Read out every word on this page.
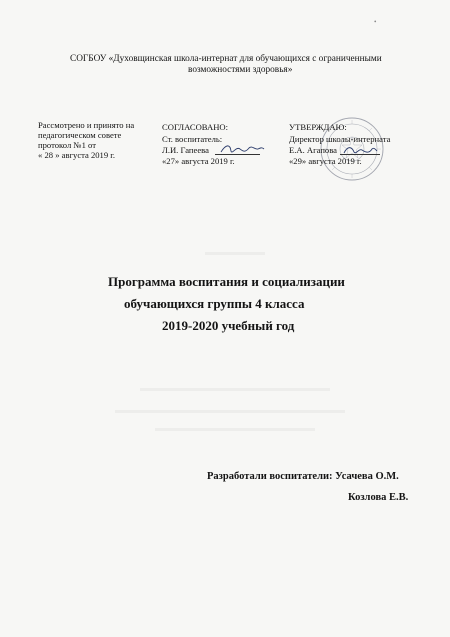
•
СОГБОУ «Духовщинская школа-интернат для обучающихся с ограниченными
возможностями здоровья»
Рассмотрено и принято на
педагогическом совете
протокол №1 от
« 28 » августа 2019 г.
СОГЛАСОВАНО:
Ст. воспитатель:
Л.И. Гапеева
«27» августа 2019 г.
УТВЕРЖДАЮ:
Директор школы-интерната
Е.А. Агапова
«29» августа 2019 г.
Программа воспитания и социализации
обучающихся группы 4 класса
2019-2020 учебный год
Разработали воспитатели: Усачева О.М.
Козлова Е.В.
